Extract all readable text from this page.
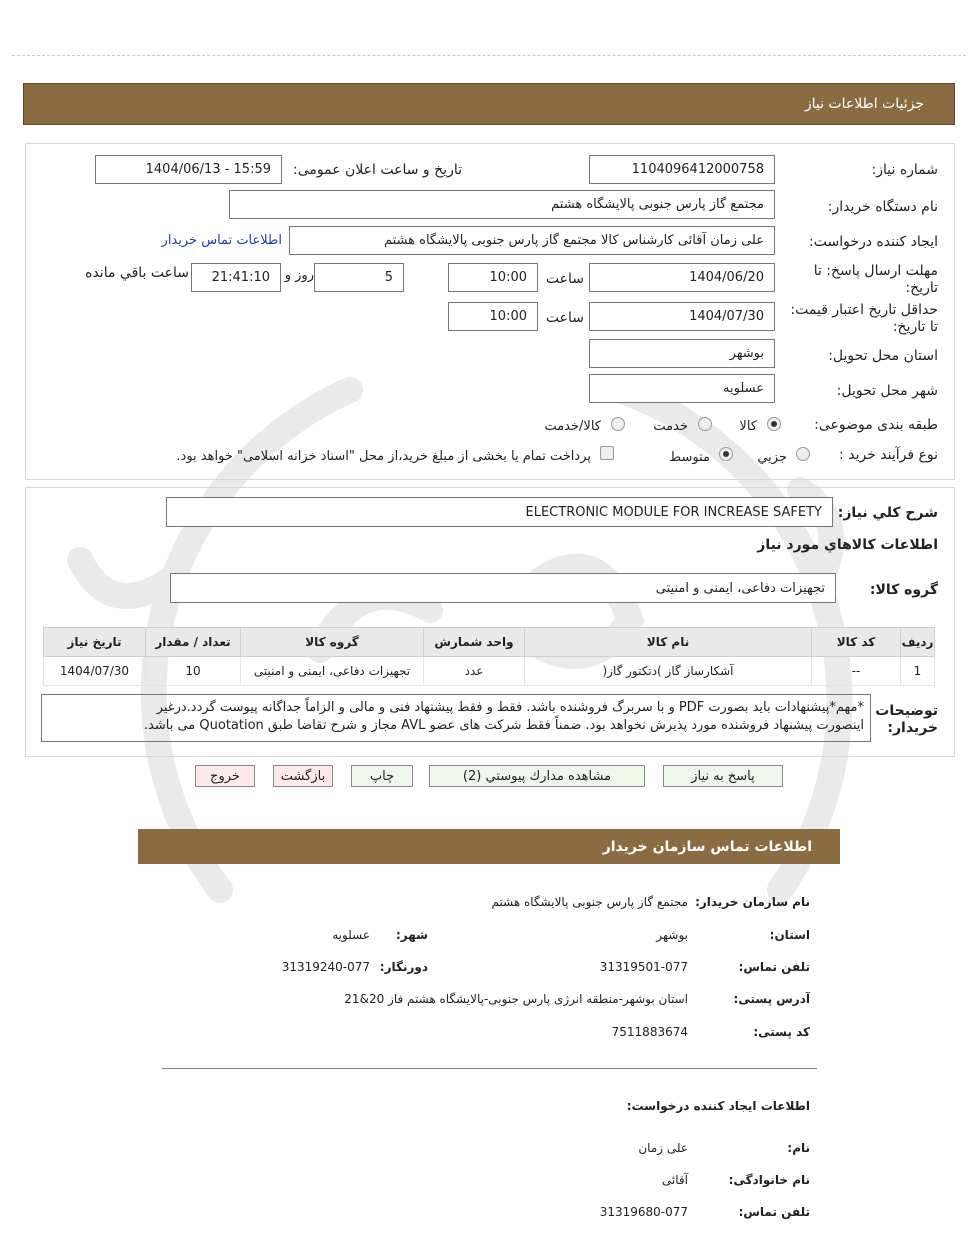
جزئیات اطلاعات نیاز
شماره نیاز:
1104096412000758
تاریخ و ساعت اعلان عمومی:
1404/06/13 - 15:59
نام دستگاه خریدار:
مجتمع گاز پارس جنوبی پالایشگاه هشتم
ایجاد کننده درخواست:
علی زمان آقائی کارشناس کالا مجتمع گاز پارس جنوبی پالایشگاه هشتم
اطلاعات تماس خریدار
مهلت ارسال پاسخ: تا
تاریخ:
1404/06/20
ساعت
10:00
5
روز و
21:41:10
ساعت باقي مانده
حداقل تاریخ اعتبار قیمت:
تا تاریخ:
1404/07/30
ساعت
10:00
استان محل تحویل:
بوشهر
شهر محل تحویل:
عسلویه
طبقه بندی موضوعی:
کالا
خدمت
کالا/خدمت
نوع فرآیند خرید :
جزیي
متوسط
پرداخت تمام یا بخشی از مبلغ خرید،از محل "اسناد خزانه اسلامی" خواهد بود.
شرح كلي نیاز:
ELECTRONIC MODULE FOR INCREASE SAFETY
اطلاعات كالاهاي مورد نیاز
گروه کالا:
تجهیزات دفاعی، ایمنی و امنیتی
ردیف	کد کالا	نام کالا	واحد شمارش	گروه کالا	تعداد / مقدار	تاریخ نیاز
1	--	آشکارساز گاز )دتکتور گاز(	عدد	تجهیزات دفاعی، ایمنی و امنیتی	10	1404/07/30
توضیحات
خریدار:
*مهم*پیشنهادات باید بصورت PDF و با سربرگ فروشنده باشد. فقط و فقط پیشنهاد فنی و مالی و الزاماً جداگانه پیوست گردد.درغیر
اینصورت پیشنهاد فروشنده مورد پذیرش نخواهد بود. ضمناً فقط شرکت های عضو AVL مجاز و شرح تقاضا طبق Quotation می باشد.
پاسخ به نیاز
مشاهده مدارك پيوستي (2)
چاپ
بازگشت
خروج
اطلاعات تماس سازمان خریدار
نام سازمان خریدار:
مجتمع گاز پارس جنوبی پالایشگاه هشتم
استان:
بوشهر
شهر:
عسلویه
تلفن تماس:
31319501-077
دورنگار:
31319240-077
آدرس پستی:
استان بوشهر-منطقه انرژی پارس جنوبی-پالایشگاه هشتم فاز 20&21
کد پستی:
7511883674
اطلاعات ایجاد کننده درخواست:
نام:
علی زمان
نام خانوادگی:
آقائی
تلفن تماس:
31319680-077
